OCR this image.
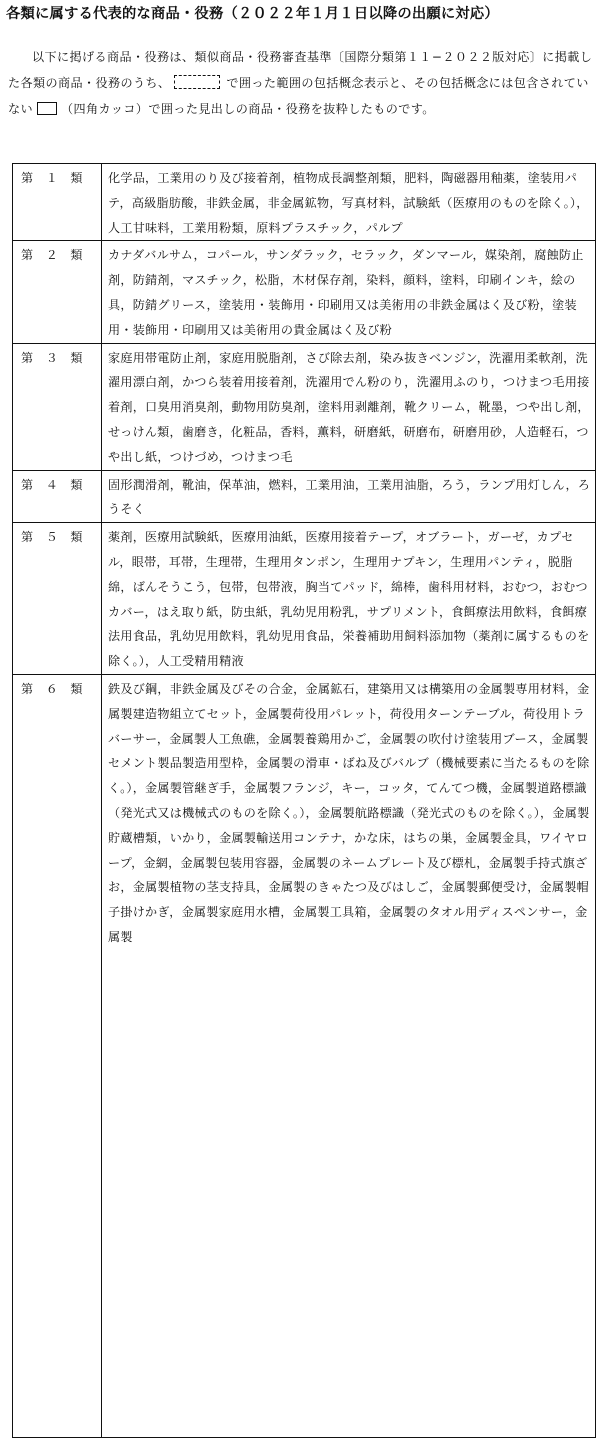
各類に属する代表的な商品・役務（２０２２年１月１日以降の出願に対応）

以下に掲げる商品・役務は、類似商品・役務審査基準〔国際分類第１１−２０２２版対応〕に掲載した各類の商品・役務のうち、	で囲った範囲の包括概念表示と、その包括概念には包含されていない （四角カッコ）で囲った見出しの商品・役務を抜粋したものです。

第　１　類	化学品，工業用のり及び接着剤，植物成長調整剤類，肥料，陶磁器用釉薬，塗装用パテ，高級脂肪酸，非鉄金属，非金属鉱物，写真材料，試験紙（医療用のものを除く。），人工甘味料，工業用粉類，原料プラスチック，パルプ
第　２　類	カナダバルサム，コパール，サンダラック，セラック，ダンマール，媒染剤，腐蝕防止剤，防錆剤，マスチック，松脂，木材保存剤，染料，顔料，塗料，印刷インキ，絵の具，防錆グリース，塗装用・装飾用・印刷用又は美術用の非鉄金属はく及び粉，塗装用・装飾用・印刷用又は美術用の貴金属はく及び粉
第　３　類	家庭用帯電防止剤，家庭用脱脂剤，さび除去剤，染み抜きベンジン，洗濯用柔軟剤，洗濯用漂白剤，かつら装着用接着剤，洗濯用でん粉のり，洗濯用ふのり，つけまつ毛用接着剤，口臭用消臭剤，動物用防臭剤，塗料用剥離剤，靴クリーム，靴墨，つや出し剤，せっけん類，歯磨き，化粧品，香料，薫料，研磨紙，研磨布，研磨用砂，人造軽石，つや出し紙，つけづめ，つけまつ毛
第　４　類	固形潤滑剤，靴油，保革油，燃料，工業用油，工業用油脂，ろう，ランプ用灯しん，ろうそく
第　５　類	薬剤，医療用試験紙，医療用油紙，医療用接着テープ，オブラート，ガーゼ，カプセル，眼帯，耳帯，生理帯，生理用タンポン，生理用ナプキン，生理用パンティ，脱脂綿，ばんそうこう，包帯，包帯液，胸当てパッド，綿棒，歯科用材料，おむつ，おむつカバー，はえ取り紙，防虫紙，乳幼児用粉乳，サプリメント，食餌療法用飲料，食餌療法用食品，乳幼児用飲料，乳幼児用食品，栄養補助用飼料添加物（薬剤に属するものを除く。），人工受精用精液
第　６　類	鉄及び鋼，非鉄金属及びその合金，金属鉱石，建築用又は構築用の金属製専用材料，金属製建造物組立てセット，金属製荷役用パレット，荷役用ターンテーブル，荷役用トラバーサー，金属製人工魚礁，金属製養鶏用かご，金属製の吹付け塗装用ブース，金属製セメント製品製造用型枠，金属製の滑車・ばね及びバルブ（機械要素に当たるものを除く。），金属製管継ぎ手，金属製フランジ，キー，コッタ，てんてつ機，金属製道路標識（発光式又は機械式のものを除く。），金属製航路標識（発光式のものを除く。），金属製貯蔵槽類，いかり，金属製輸送用コンテナ，かな床，はちの巣，金属製金具，ワイヤロープ，金網，金属製包装用容器，金属製のネームプレート及び標札，金属製手持式旗ざお，金属製植物の茎支持具，金属製のきゃたつ及びはしご，金属製郵便受け，金属製帽子掛けかぎ，金属製家庭用水槽，金属製工具箱，金属製のタオル用ディスペンサー，金属製
